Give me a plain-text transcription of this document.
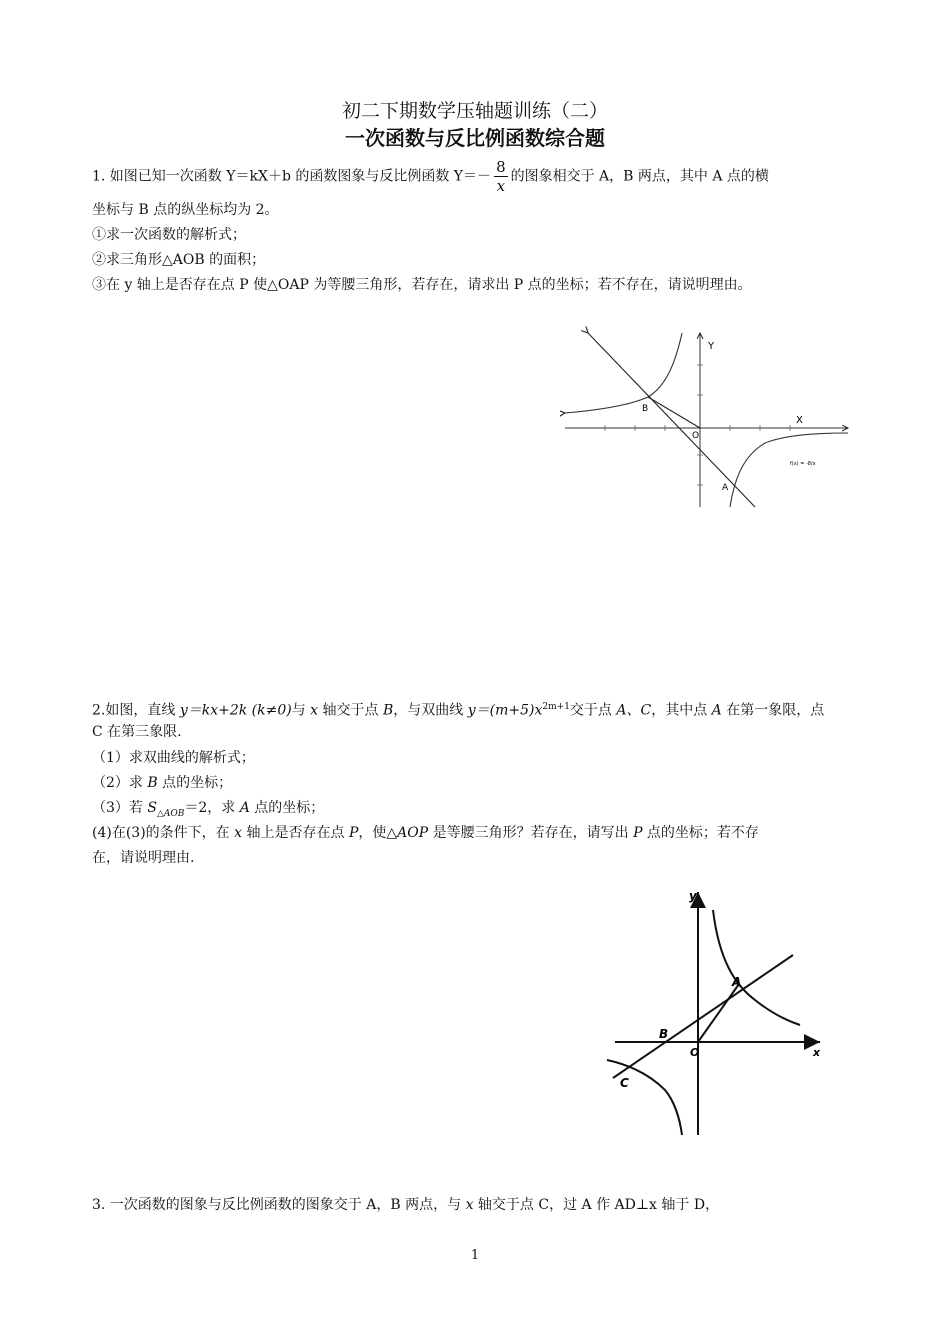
初二下期数学压轴题训练（二）
一次函数与反比例函数综合题
1. 如图已知一次函数 Y＝kX＋b 的函数图象与反比例函数 $Y=- \frac{8}{x}$ 的图象相交于 A，B 两点，其中 A 点的横
坐标与 B 点的纵坐标均为 2。
①求一次函数的解析式；
②求三角形△AOB 的面积；
③在 y 轴上是否存在点 P 使△OAP 为等腰三角形，若存在，请求出 P 点的坐标；若不存在，请说明理由。
Y
X
O
A
B
f(x) = -8/x
2.如图，直线 y＝kx+2k (k≠0)与 x 轴交于点 B，与双曲线 $y=(m+5)x^{2m+1}$交于点 A、C，其中点 A 在第一象限，点
C 在第三象限.
（1）求双曲线的解析式；
（2）求 B 点的坐标；
（3）若 $S_{\triangle AOB}=2$，求 A 点的坐标；
(4)在(3)的条件下，在 x 轴上是否存在点 P，使△AOP 是等腰三角形？若存在，请写出 P 点的坐标；若不存
在，请说明理由.
y
x
O
A
B
C
3. 一次函数的图象与反比例函数的图象交于 A，B 两点，与 x 轴交于点 C，过 A 作 AD⊥x 轴于 D，
1
